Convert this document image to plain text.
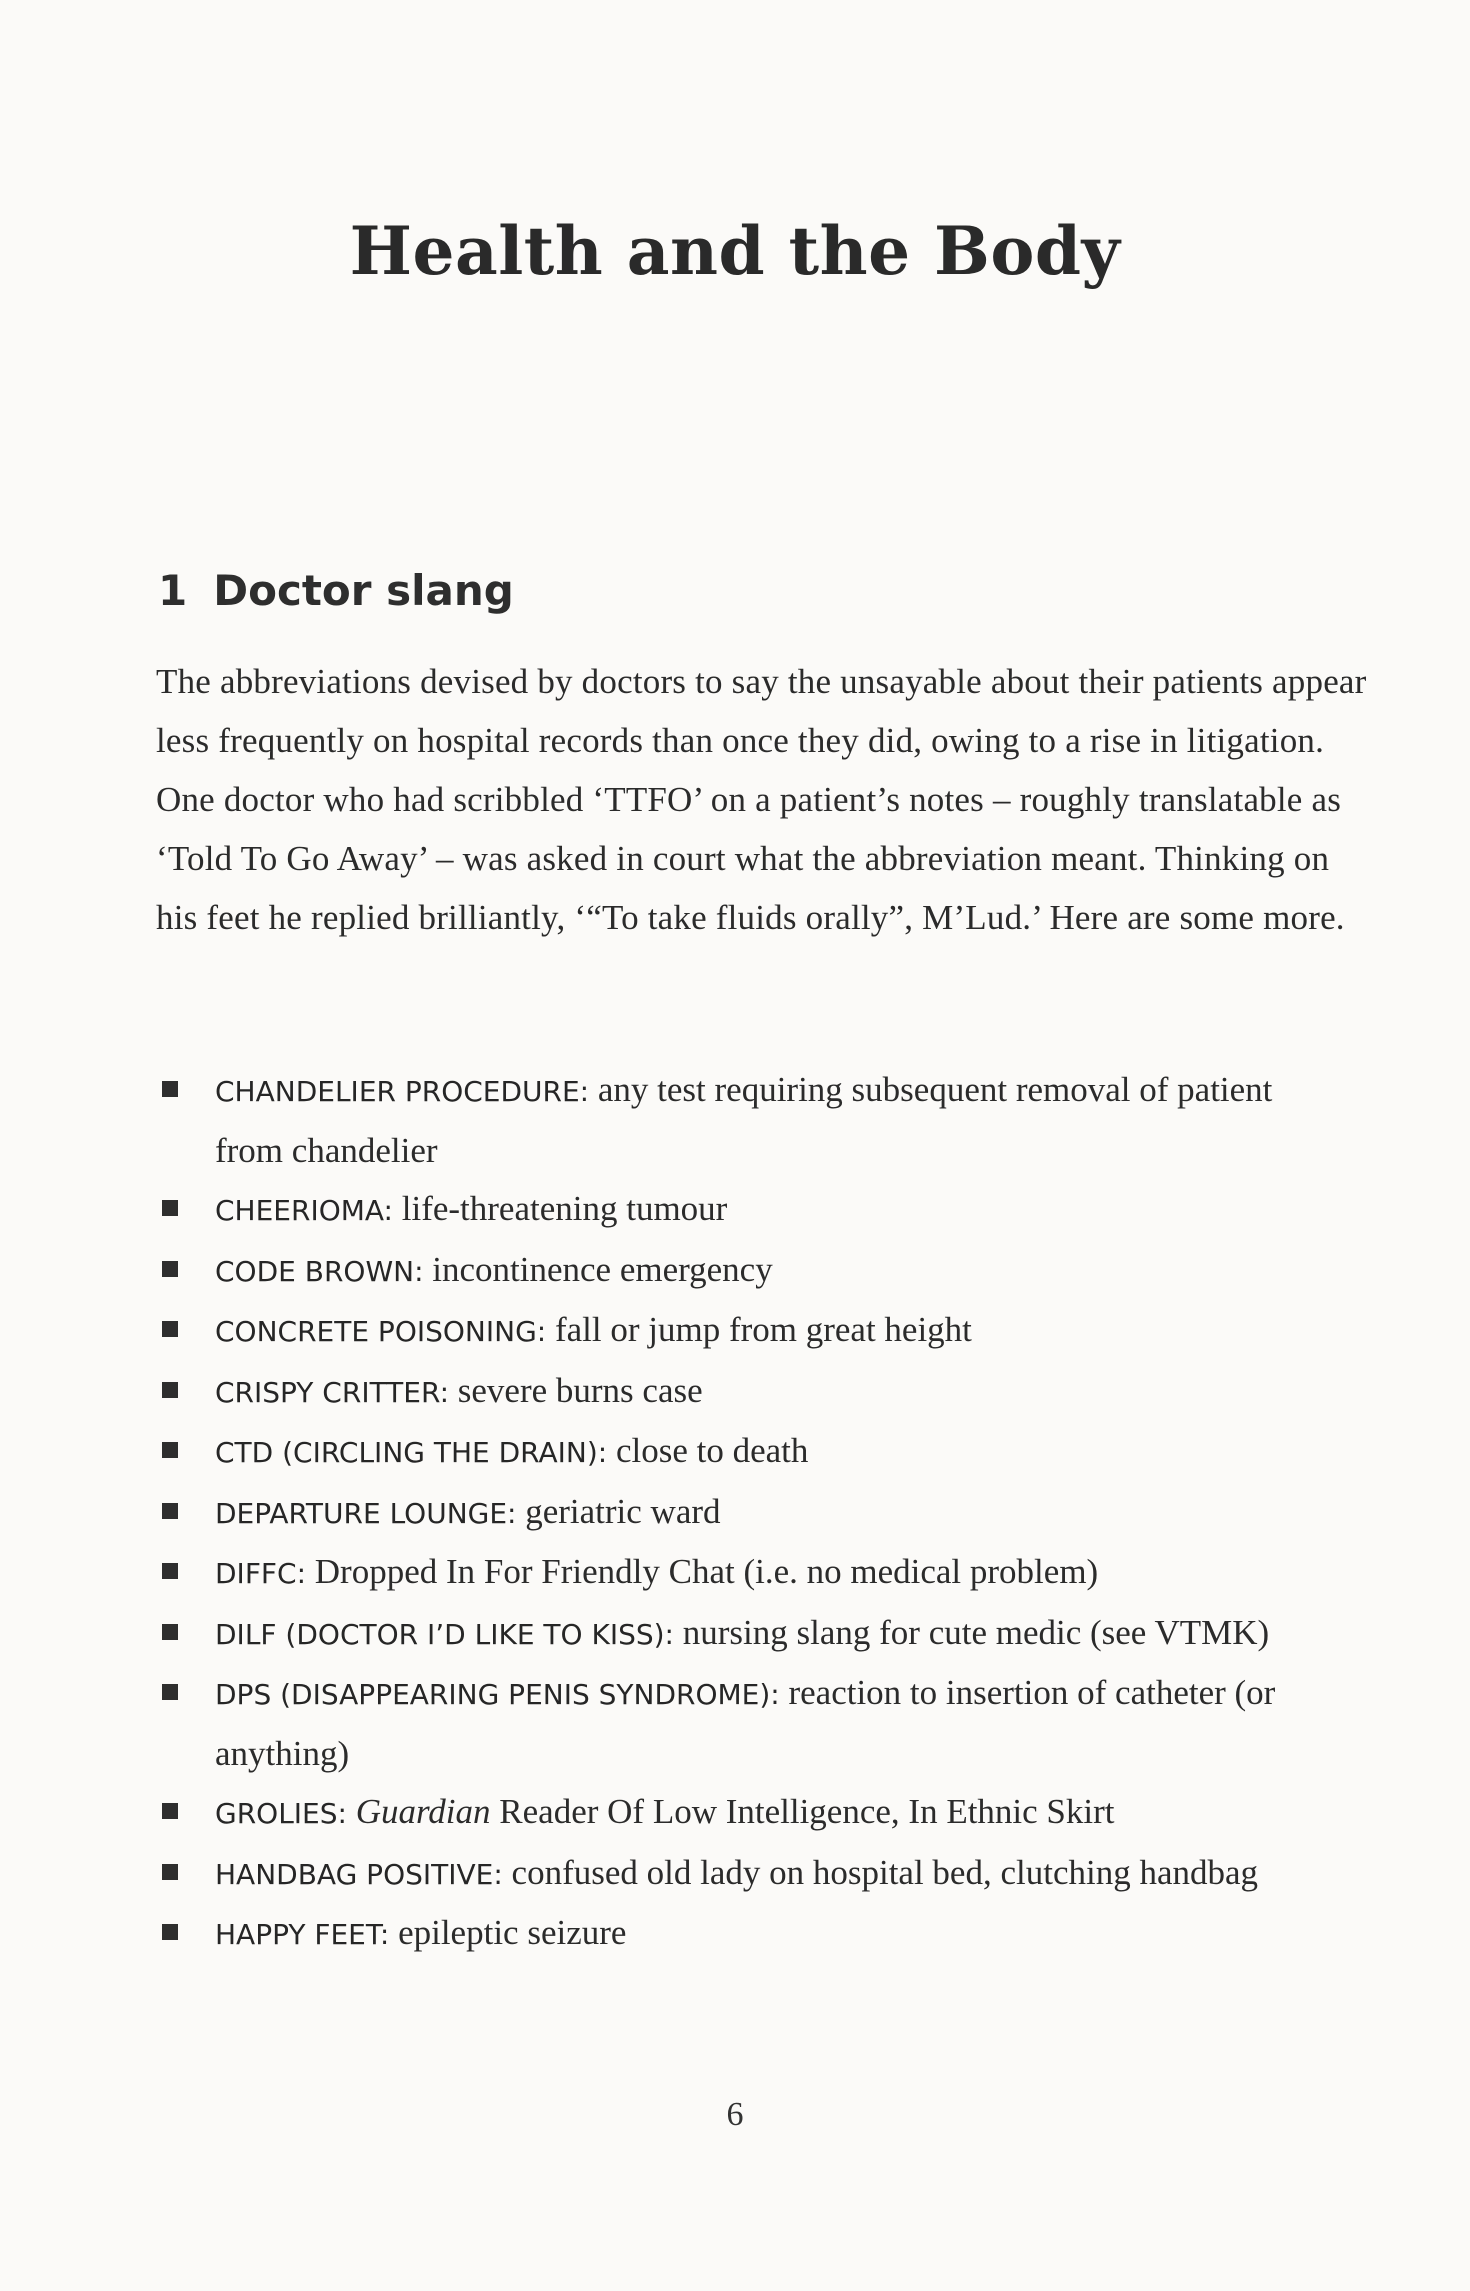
Health and the Body
1 Doctor slang

The abbreviations devised by doctors to say the unsayable about their patients appear less frequently on hospital records than once they did, owing to a rise in litigation. One doctor who had scribbled ‘TTFO’ on a patient’s notes – roughly translatable as ‘Told To Go Away’ – was asked in court what the abbreviation meant. Thinking on his feet he replied brilliantly, ‘“To take fluids orally”, M’Lud.’ Here are some more.

CHANDELIER PROCEDURE: any test requiring subsequent removal of patient from chandelier
CHEERIOMA: life-threatening tumour
CODE BROWN: incontinence emergency
CONCRETE POISONING: fall or jump from great height
CRISPY CRITTER: severe burns case
CTD (CIRCLING THE DRAIN): close to death
DEPARTURE LOUNGE: geriatric ward
DIFFC: Dropped In For Friendly Chat (i.e. no medical problem)
DILF (DOCTOR I’D LIKE TO KISS): nursing slang for cute medic (see VTMK)
DPS (DISAPPEARING PENIS SYNDROME): reaction to insertion of catheter (or anything)
GROLIES: Guardian Reader Of Low Intelligence, In Ethnic Skirt
HANDBAG POSITIVE: confused old lady on hospital bed, clutching handbag
HAPPY FEET: epileptic seizure
6
